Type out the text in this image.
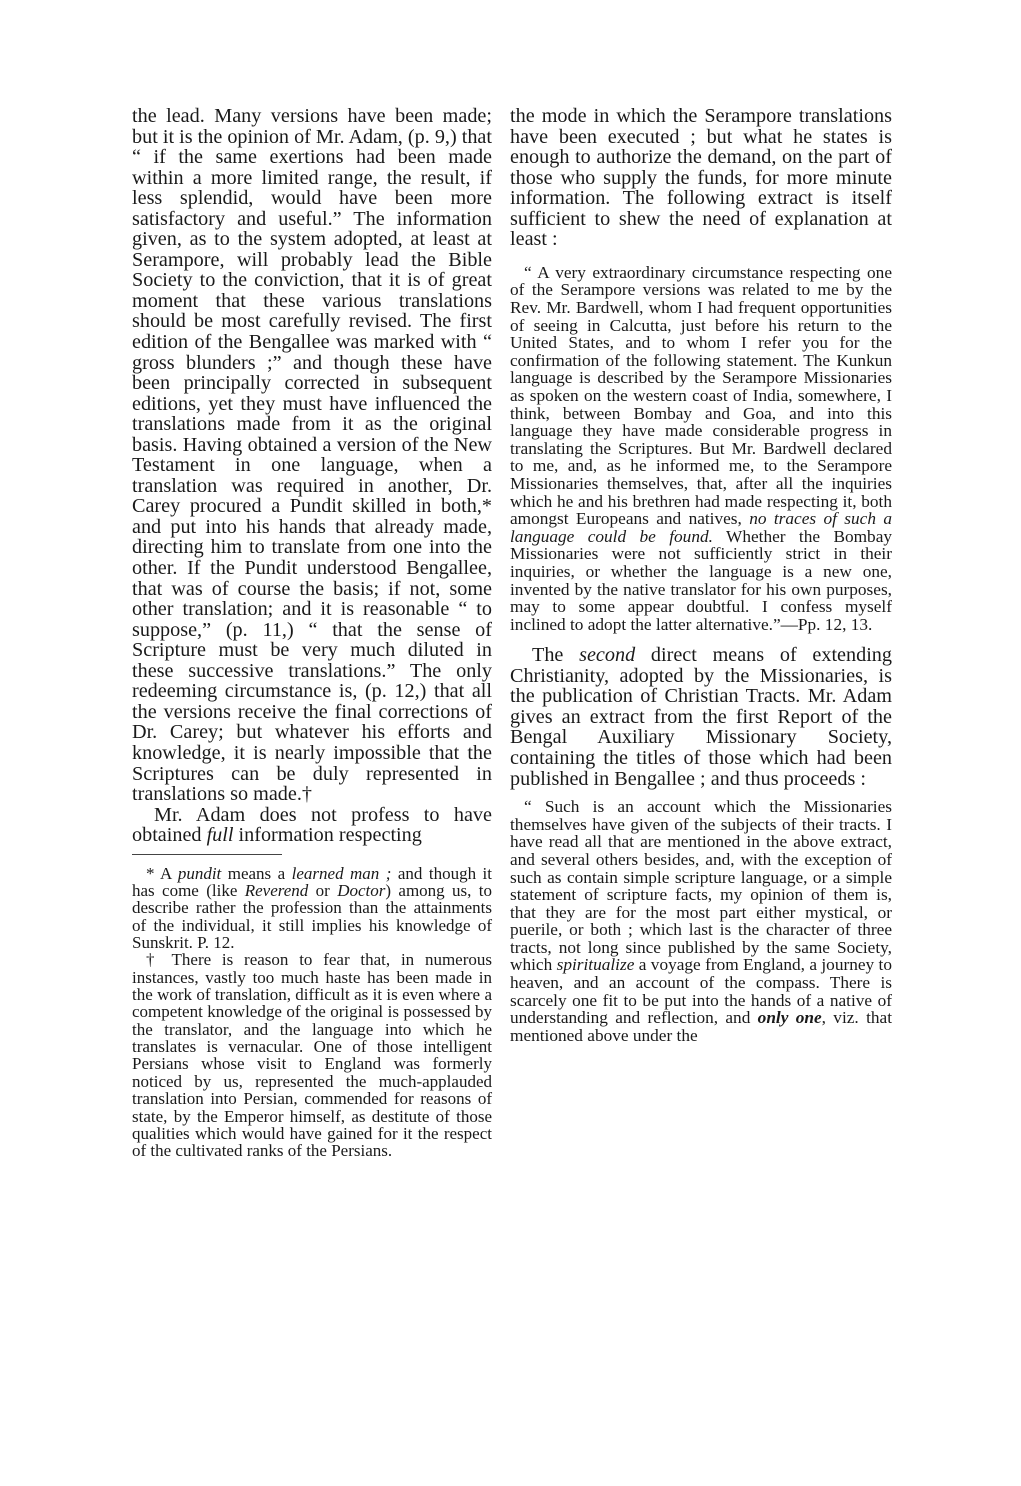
the lead. Many versions have been made; but it is the opinion of Mr. Adam, (p. 9,) that “ if the same exertions had been made within a more limited range, the result, if less splendid, would have been more satisfactory and useful.” The information given, as to the system adopted, at least at Serampore, will probably lead the Bible Society to the conviction, that it is of great moment that these various translations should be most carefully revised. The first edition of the Bengallee was marked with “ gross blunders ;” and though these have been principally corrected in subsequent editions, yet they must have influenced the translations made from it as the original basis. Having obtained a version of the New Testament in one language, when a translation was required in another, Dr. Carey procured a Pundit skilled in both,* and put into his hands that already made, directing him to translate from one into the other. If the Pundit understood Bengallee, that was of course the basis; if not, some other translation; and it is reasonable “ to suppose,” (p. 11,) “ that the sense of Scripture must be very much diluted in these successive translations.” The only redeeming circumstance is, (p. 12,) that all the versions receive the final corrections of Dr. Carey; but whatever his efforts and knowledge, it is nearly impossible that the Scriptures can be duly represented in translations so made.†

Mr. Adam does not profess to have obtained full information respecting

* A pundit means a learned man ; and though it has come (like Reverend or Doctor) among us, to describe rather the profession than the attainments of the individual, it still implies his knowledge of Sunskrit. P. 12.

† There is reason to fear that, in numerous instances, vastly too much haste has been made in the work of translation, difficult as it is even where a competent knowledge of the original is possessed by the translator, and the language into which he translates is vernacular. One of those intelligent Persians whose visit to England was formerly noticed by us, represented the much-applauded translation into Persian, commended for reasons of state, by the Emperor himself, as destitute of those qualities which would have gained for it the respect of the cultivated ranks of the Persians.

the mode in which the Serampore translations have been executed ; but what he states is enough to authorize the demand, on the part of those who supply the funds, for more minute information. The following extract is itself sufficient to shew the need of explanation at least :

“ A very extraordinary circumstance respecting one of the Serampore versions was related to me by the Rev. Mr. Bardwell, whom I had frequent opportunities of seeing in Calcutta, just before his return to the United States, and to whom I refer you for the confirmation of the following statement. The Kunkun language is described by the Serampore Missionaries as spoken on the western coast of India, somewhere, I think, between Bombay and Goa, and into this language they have made considerable progress in translating the Scriptures. But Mr. Bardwell declared to me, and, as he informed me, to the Serampore Missionaries themselves, that, after all the inquiries which he and his brethren had made respecting it, both amongst Europeans and natives, no traces of such a language could be found. Whether the Bombay Missionaries were not sufficiently strict in their inquiries, or whether the language is a new one, invented by the native translator for his own purposes, may to some appear doubtful. I confess myself inclined to adopt the latter alternative.”—Pp. 12, 13.

The second direct means of extending Christianity, adopted by the Missionaries, is the publication of Christian Tracts. Mr. Adam gives an extract from the first Report of the Bengal Auxiliary Missionary Society, containing the titles of those which had been published in Bengallee ; and thus proceeds :

“ Such is an account which the Missionaries themselves have given of the subjects of their tracts. I have read all that are mentioned in the above extract, and several others besides, and, with the exception of such as contain simple scripture language, or a simple statement of scripture facts, my opinion of them is, that they are for the most part either mystical, or puerile, or both ; which last is the character of three tracts, not long since published by the same Society, which spiritualize a voyage from England, a journey to heaven, and an account of the compass. There is scarcely one fit to be put into the hands of a native of understanding and reflection, and only one, viz. that mentioned above under the
